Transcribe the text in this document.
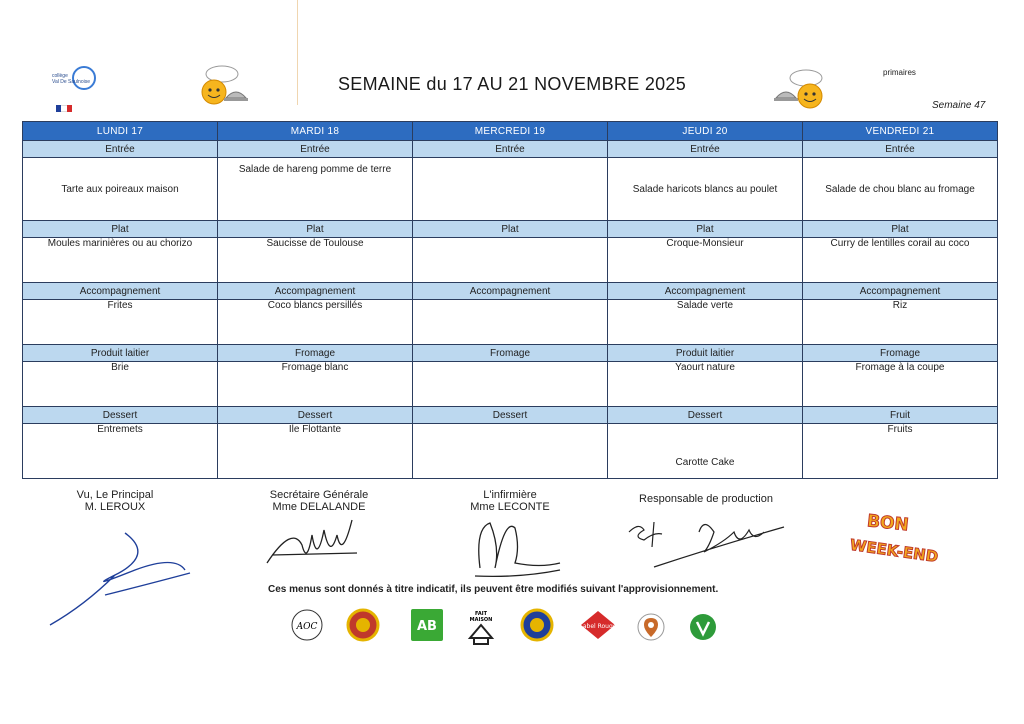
collège
Val De Saulnoise	SEMAINE du 17 AU 21 NOVEMBRE 2025
primaires
Semaine 47
LUNDI 17	MARDI 18	MERCREDI 19	JEUDI 20	VENDREDI 21
Entrée	Entrée	Entrée	Entrée	Entrée
Tarte aux poireaux maison	Salade de hareng pomme de terre		Salade haricots blancs au poulet	Salade de chou blanc au fromage
Plat	Plat	Plat	Plat	Plat
Moules marinières ou au chorizo	Saucisse de Toulouse		Croque-Monsieur	Curry de lentilles corail au coco
Accompagnement	Accompagnement	Accompagnement	Accompagnement	Accompagnement
Frites	Coco blancs persillés		Salade verte	Riz
Produit laitier	Fromage	Fromage	Produit laitier	Fromage
Brie	Fromage blanc		Yaourt nature	Fromage à la coupe
Dessert	Dessert	Dessert	Dessert	Fruit
Entremets	Ile Flottante		Carotte Cake	Fruits
Vu, Le Principal
M. LEROUX
Secrétaire Générale
Mme DELALANDE
L'infirmière
Mme LECONTE
Responsable de production
BON
WEEK-END
Ces menus sont donnés à titre indicatif, ils peuvent être modifiés suivant l'approvisionnement.
AOC	AB
FAIT
MAISON
Label Rouge
